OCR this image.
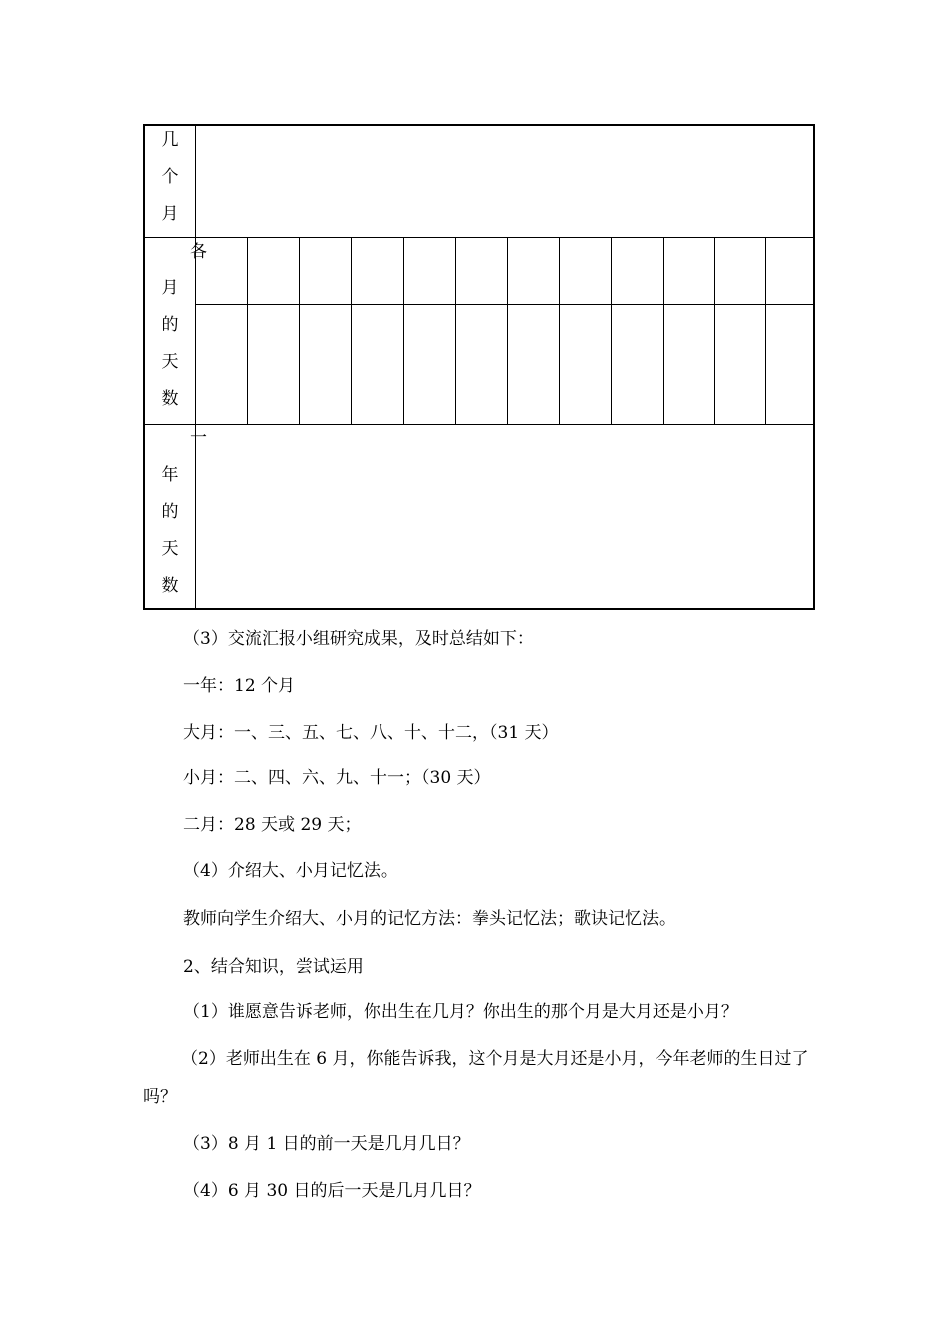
几
个
月
各
月
的
天
数
一
年
的
天
数
（3）交流汇报小组研究成果，及时总结如下：
一年：12 个月
大月：一、三、五、七、八、十、十二，（31 天）
小月：二、四、六、九、十一；（30 天）
二月：28 天或 29 天；
（4）介绍大、小月记忆法。
教师向学生介绍大、小月的记忆方法：拳头记忆法；歌诀记忆法。
2、结合知识，尝试运用
（1）谁愿意告诉老师，你出生在几月？你出生的那个月是大月还是小月？
（2）老师出生在 6 月，你能告诉我，这个月是大月还是小月，今年老师的生日过了吗？
（3）8 月 1 日的前一天是几月几日？
（4）6 月 30 日的后一天是几月几日？
